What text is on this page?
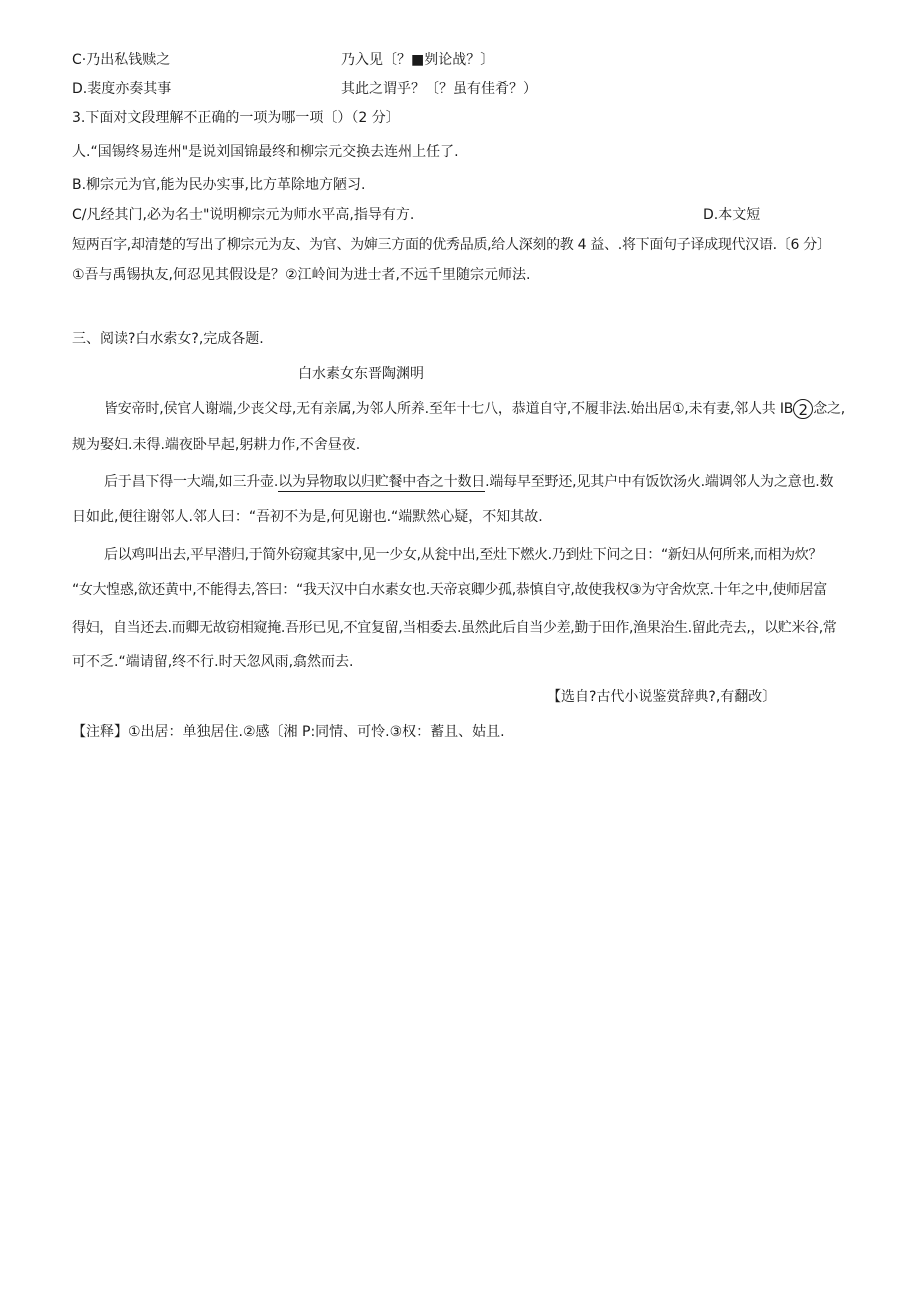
C·乃出私钱赎之	乃入见〔？■刿论战？〕
D.裴度亦奏其事	其此之谓乎？〔？虽有佳肴？）
3.下面对文段理解不正确的一项为哪一项〔）（2 分〕
人.“国锡终易连州"是说刘国锦最终和柳宗元交换去连州上任了.
B.柳宗元为官,能为民办实事,比方革除地方陋习.
C/凡经其门,必为名士"说明柳宗元为师水平高,指导有方.	D.本文短
短两百字,却清楚的写出了柳宗元为友、为官、为婶三方面的优秀品质,给人深刻的教 4 益、.将下面句子译成现代汉语.〔6 分〕
①吾与禹锡执友,何忍见其假设是？②江岭间为进士者,不远千里随宗元师法.
三、阅读?白水索女?,完成各题.
白水素女东晋陶渊明
皆安帝时,侯官人谢端,少丧父母,无有亲属,为邻人所养.至年十七八，恭道自守,不履非法.始出居①,未有妻,邻人共 IB 2 念之,
规为娶妇.未得.端夜卧早起,躬耕力作,不舍昼夜.
后于昌下得一大端,如三升壶.以为异物取以归贮餐中杳之十数日.端每早至野还,见其户中有饭饮汤火.端调邻人为之意也.数
日如此,便往谢邻人.邻人曰：“吾初不为是,何见谢也.“端默然心疑，不知其故.
后以鸡叫出去,平早潜归,于简外窃窥其家中,见一少女,从瓮中出,至灶下燃火.乃到灶下问之日：“新妇从何所来,而相为炊？
“女大惶惑,欲还黄中,不能得去,答曰：“我天汉中白水素女也.天帝哀卿少孤,恭慎自守,故使我权③为守舍炊烹.十年之中,使师居富
得妇，自当还去.而卿无故窃相窥掩.吾形已见,不宜复留,当相委去.虽然此后自当少差,勤于田作,渔果治生.留此壳去,，以贮米谷,常
可不乏.“端请留,终不行.时天忽风雨,翕然而去.
【选自?古代小说鉴赏辞典?,有翻改〕
【注释】①出居：单独居住.②感〔湘 P:同情、可怜.③权：蓄且、姑且.
